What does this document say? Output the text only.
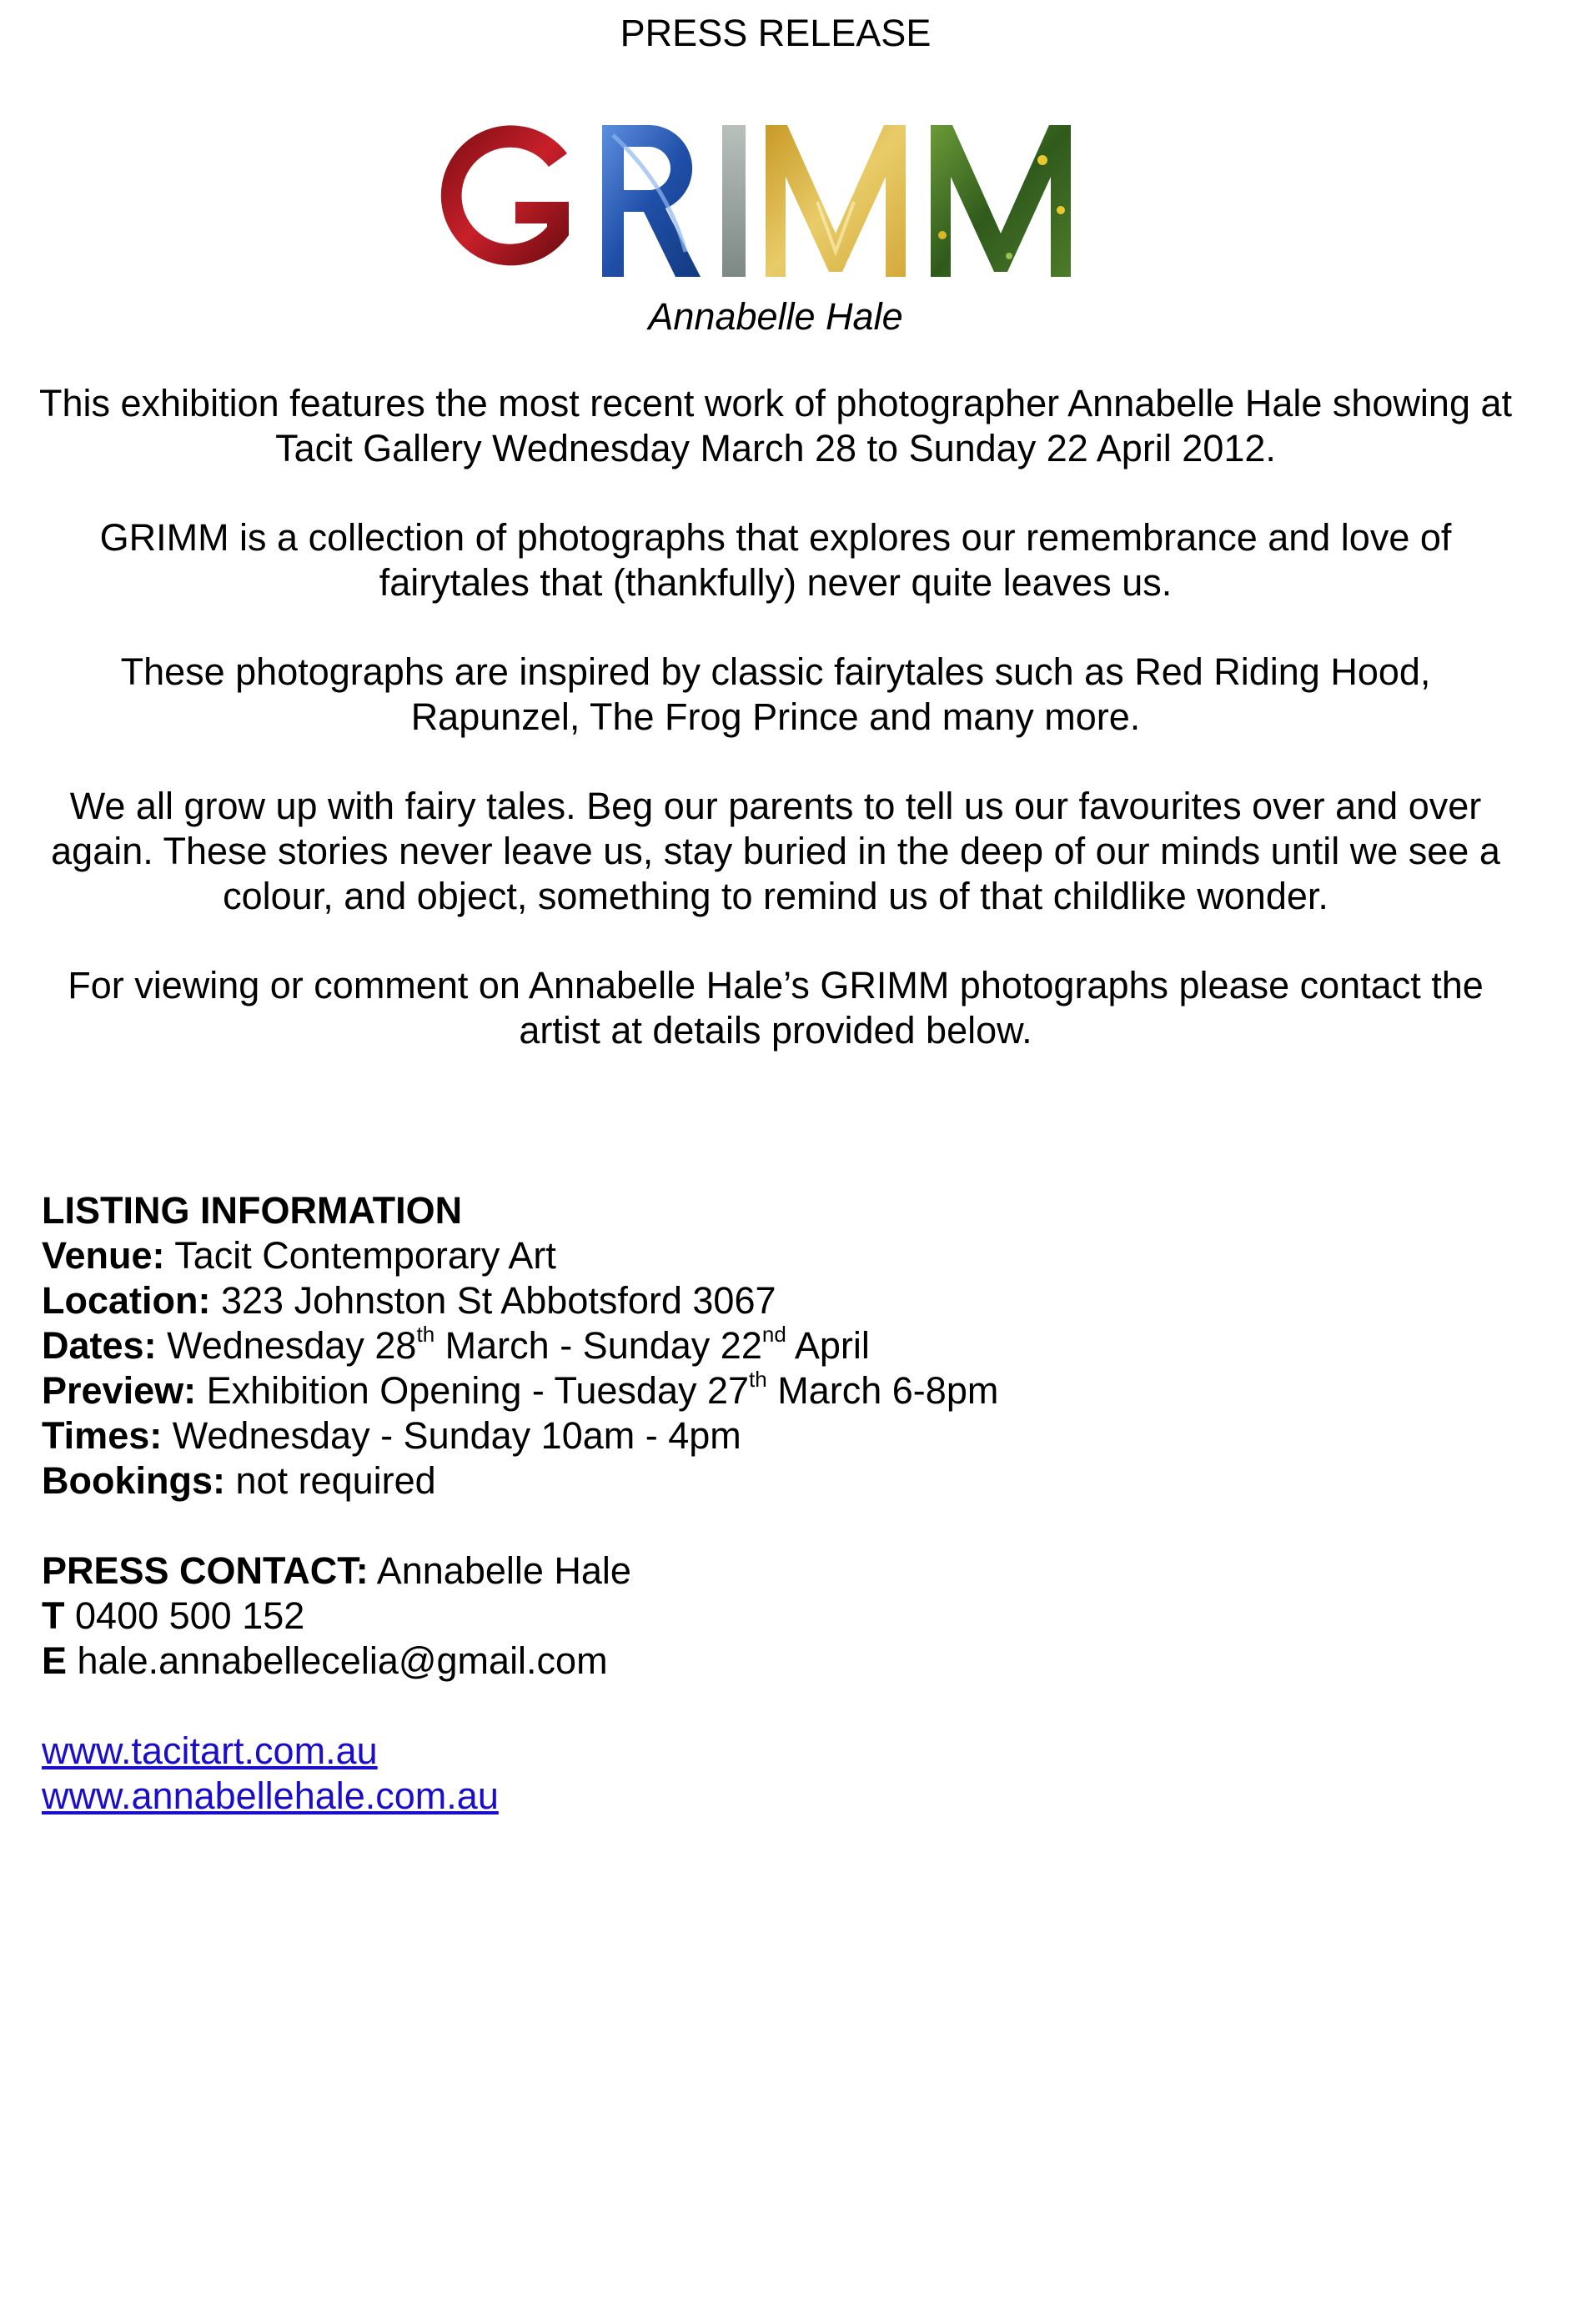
PRESS RELEASE
Annabelle Hale

This exhibition features the most recent work of photographer Annabelle Hale showing at Tacit Gallery Wednesday March 28 to Sunday 22 April 2012.

GRIMM is a collection of photographs that explores our remembrance and love of fairytales that (thankfully) never quite leaves us.

These photographs are inspired by classic fairytales such as Red Riding Hood, Rapunzel, The Frog Prince and many more.

We all grow up with fairy tales. Beg our parents to tell us our favourites over and over again. These stories never leave us, stay buried in the deep of our minds until we see a colour, and object, something to remind us of that childlike wonder.

For viewing or comment on Annabelle Hale’s GRIMM photographs please contact the artist at details provided below.

LISTING INFORMATION
Venue: Tacit Contemporary Art
Location: 323 Johnston St Abbotsford 3067
Dates: Wednesday 28th March - Sunday 22nd April
Preview: Exhibition Opening - Tuesday 27th March 6-8pm
Times: Wednesday - Sunday 10am - 4pm
Bookings: not required
PRESS CONTACT: Annabelle Hale
T 0400 500 152
E hale.annabellecelia@gmail.com
www.tacitart.com.au
www.annabellehale.com.au
